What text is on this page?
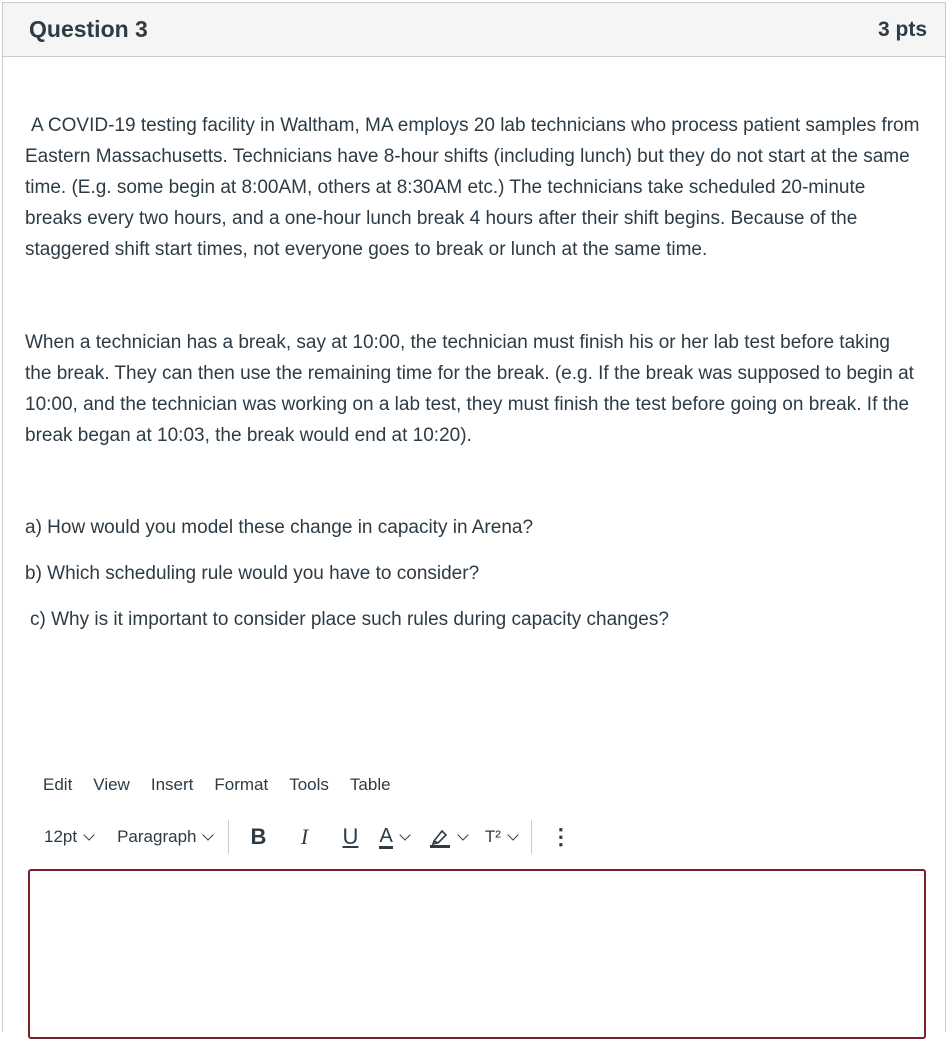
Question 3	3 pts

A COVID-19 testing facility in Waltham, MA employs 20 lab technicians who process patient samples from Eastern Massachusetts. Technicians have 8-hour shifts (including lunch) but they do not start at the same time. (E.g. some begin at 8:00AM, others at 8:30AM etc.) The technicians take scheduled 20-minute breaks every two hours, and a one-hour lunch break 4 hours after their shift begins. Because of the staggered shift start times, not everyone goes to break or lunch at the same time.

When a technician has a break, say at 10:00, the technician must finish his or her lab test before taking the break. They can then use the remaining time for the break. (e.g. If the break was supposed to begin at 10:00, and the technician was working on a lab test, they must finish the test before going on break. If the break began at 10:03, the break would end at 10:20).

a) How would you model these change in capacity in Arena?

b) Which scheduling rule would you have to consider?

c) Why is it important to consider place such rules during capacity changes?

Edit	View	Insert	Format	Tools	Table
12pt Paragraph	B	I	U	A	T² ⋮
